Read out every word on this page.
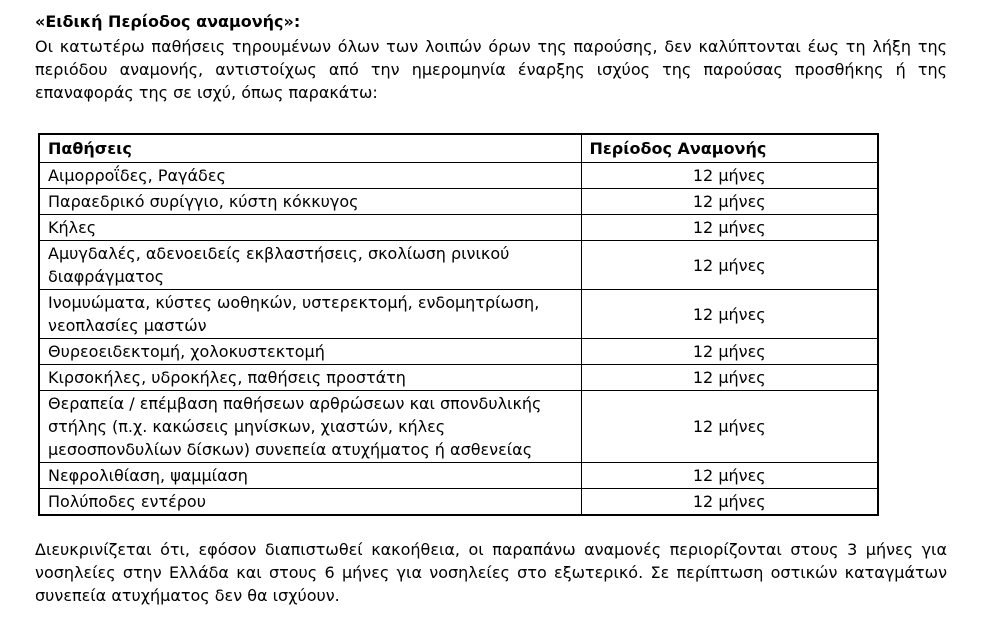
«Ειδική Περίοδος αναμονής»:

Οι κατωτέρω παθήσεις τηρουμένων όλων των λοιπών όρων της παρούσης, δεν καλύπτονται έως τη λήξη της περιόδου αναμονής, αντιστοίχως από την ημερομηνία έναρξης ισχύος της παρούσας προσθήκης ή της επαναφοράς της σε ισχύ, όπως παρακάτω:

Παθήσεις	Περίοδος Αναμονής
Αιμορροΐδες, Ραγάδες	12 μήνες
Παραεδρικό συρίγγιο, κύστη κόκκυγος	12 μήνες
Κήλες	12 μήνες
Αμυγδαλές, αδενοειδείς εκβλαστήσεις, σκολίωση ρινικού διαφράγματος	12 μήνες
Ινομυώματα, κύστες ωοθηκών, υστερεκτομή, ενδομητρίωση, νεοπλασίες μαστών	12 μήνες
Θυρεοειδεκτομή, χολοκυστεκτομή	12 μήνες
Κιρσοκήλες, υδροκήλες, παθήσεις προστάτη	12 μήνες
Θεραπεία / επέμβαση παθήσεων αρθρώσεων και σπονδυλικής στήλης (π.χ. κακώσεις μηνίσκων, χιαστών, κήλες μεσοσπονδυλίων δίσκων) συνεπεία ατυχήματος ή ασθενείας	12 μήνες
Νεφρολιθίαση, ψαμμίαση	12 μήνες
Πολύποδες εντέρου	12 μήνες

Διευκρινίζεται ότι, εφόσον διαπιστωθεί κακοήθεια, οι παραπάνω αναμονές περιορίζονται στους 3 μήνες για νοσηλείες στην Ελλάδα και στους 6 μήνες για νοσηλείες στο εξωτερικό. Σε περίπτωση οστικών καταγμάτων συνεπεία ατυχήματος δεν θα ισχύουν.
